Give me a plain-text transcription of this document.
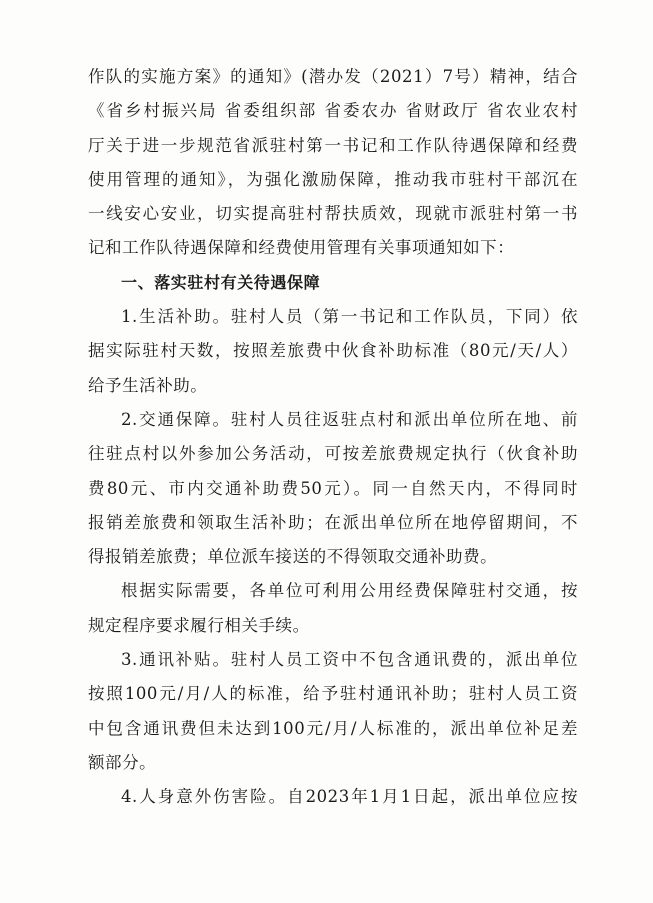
作队的实施方案》的通知》(潜办发（2021）7号）精神，结合
《省乡村振兴局 省委组织部 省委农办 省财政厅 省农业农村
厅关于进一步规范省派驻村第一书记和工作队待遇保障和经费
使用管理的通知》，为强化激励保障，推动我市驻村干部沉在
一线安心安业，切实提高驻村帮扶质效，现就市派驻村第一书
记和工作队待遇保障和经费使用管理有关事项通知如下：
一、落实驻村有关待遇保障
1.生活补助。驻村人员（第一书记和工作队员，下同）依
据实际驻村天数，按照差旅费中伙食补助标准（80元/天/人）
给予生活补助。
2.交通保障。驻村人员往返驻点村和派出单位所在地、前
往驻点村以外参加公务活动，可按差旅费规定执行（伙食补助
费80元、市内交通补助费50元）。同一自然天内，不得同时
报销差旅费和领取生活补助；在派出单位所在地停留期间，不
得报销差旅费；单位派车接送的不得领取交通补助费。
根据实际需要，各单位可利用公用经费保障驻村交通，按
规定程序要求履行相关手续。
3.通讯补贴。驻村人员工资中不包含通讯费的，派出单位
按照100元/月/人的标准，给予驻村通讯补助；驻村人员工资
中包含通讯费但未达到100元/月/人标准的，派出单位补足差
额部分。
4.人身意外伤害险。自2023年1月1日起，派出单位应按
